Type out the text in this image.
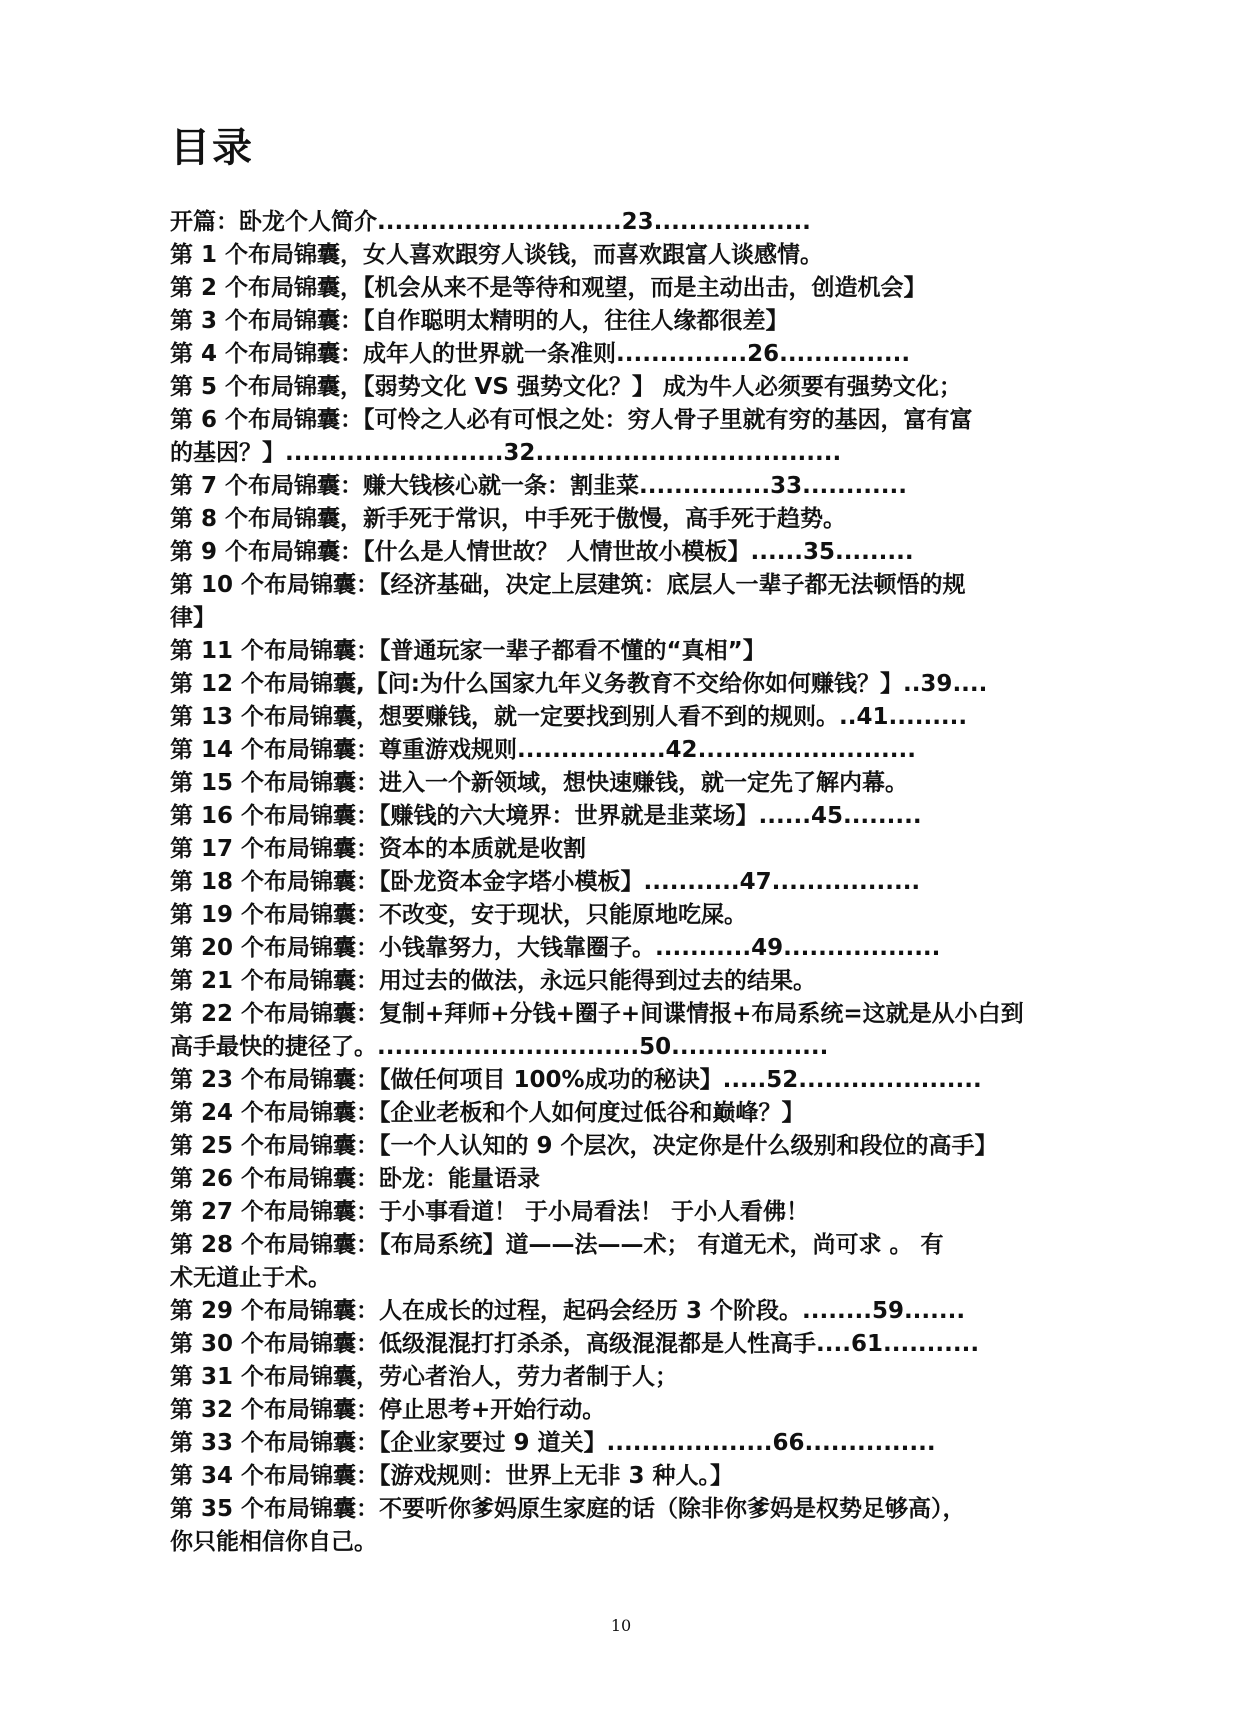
目录
开篇：卧龙个人简介............................23..................
第 1 个布局锦囊，女人喜欢跟穷人谈钱，而喜欢跟富人谈感情。
第 2 个布局锦囊，【机会从来不是等待和观望，而是主动出击，创造机会】
第 3 个布局锦囊：【自作聪明太精明的人，往往人缘都很差】
第 4 个布局锦囊：成年人的世界就一条准则...............26...............
第 5 个布局锦囊，【弱势文化 VS 强势文化？】 成为牛人必须要有强势文化；
第 6 个布局锦囊：【可怜之人必有可恨之处：穷人骨子里就有穷的基因，富有富
的基因？】.........................32...................................
第 7 个布局锦囊：赚大钱核心就一条：割韭菜...............33............
第 8 个布局锦囊，新手死于常识，中手死于傲慢，高手死于趋势。
第 9 个布局锦囊：【什么是人情世故？ 人情世故小模板】......35.........
第 10 个布局锦囊：【经济基础，决定上层建筑：底层人一辈子都无法顿悟的规
律】
第 11 个布局锦囊：【普通玩家一辈子都看不懂的“真相”】
第 12 个布局锦囊,【问:为什么国家九年义务教育不交给你如何赚钱？】..39....
第 13 个布局锦囊，想要赚钱，就一定要找到别人看不到的规则。..41.........
第 14 个布局锦囊：尊重游戏规则.................42.........................
第 15 个布局锦囊：进入一个新领域，想快速赚钱，就一定先了解内幕。
第 16 个布局锦囊：【赚钱的六大境界：世界就是韭菜场】......45.........
第 17 个布局锦囊：资本的本质就是收割
第 18 个布局锦囊：【卧龙资本金字塔小模板】...........47.................
第 19 个布局锦囊：不改变，安于现状，只能原地吃屎。
第 20 个布局锦囊：小钱靠努力，大钱靠圈子。...........49..................
第 21 个布局锦囊：用过去的做法，永远只能得到过去的结果。
第 22 个布局锦囊：复制+拜师+分钱+圈子+间谍情报+布局系统=这就是从小白到
高手最快的捷径了。..............................50..................
第 23 个布局锦囊：【做任何项目 100%成功的秘诀】.....52.....................
第 24 个布局锦囊：【企业老板和个人如何度过低谷和巅峰？】
第 25 个布局锦囊：【一个人认知的 9 个层次，决定你是什么级别和段位的高手】
第 26 个布局锦囊：卧龙：能量语录
第 27 个布局锦囊：于小事看道！ 于小局看法！ 于小人看佛！
第 28 个布局锦囊：【布局系统】道——法——术； 有道无术，尚可求 。 有
术无道止于术。
第 29 个布局锦囊：人在成长的过程，起码会经历 3 个阶段。........59.......
第 30 个布局锦囊：低级混混打打杀杀，高级混混都是人性高手....61...........
第 31 个布局锦囊，劳心者治人，劳力者制于人；
第 32 个布局锦囊：停止思考+开始行动。
第 33 个布局锦囊：【企业家要过 9 道关】...................66...............
第 34 个布局锦囊：【游戏规则：世界上无非 3 种人。】
第 35 个布局锦囊：不要听你爹妈原生家庭的话（除非你爹妈是权势足够高），
你只能相信你自己。
10
